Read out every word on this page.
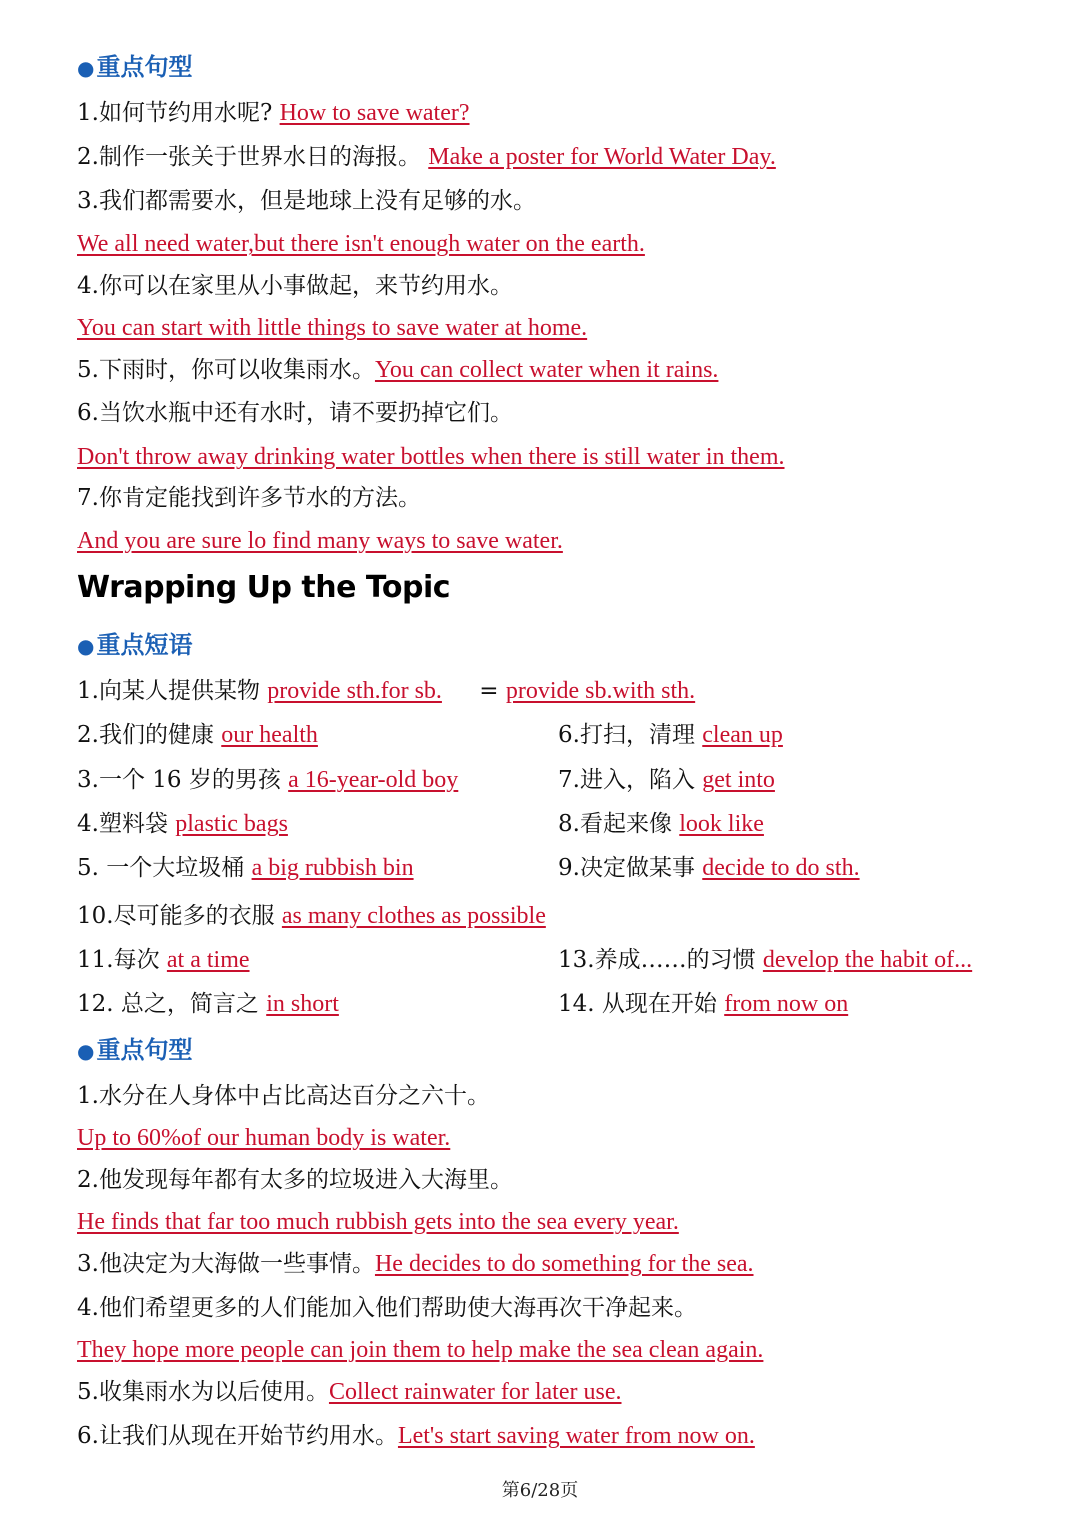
●重点句型
1.如何节约用水呢? How to save water?
2.制作一张关于世界水日的海报。 Make a poster for World Water Day.
3.我们都需要水，但是地球上没有足够的水。
We all need water,but there isn't enough water on the earth.
4.你可以在家里从小事做起，来节约用水。
You can start with little things to save water at home.
5.下雨时，你可以收集雨水。You can collect water when it rains.
6.当饮水瓶中还有水时，请不要扔掉它们。
Don't throw away drinking water bottles when there is still water in them.
7.你肯定能找到许多节水的方法。
And you are sure lo find many ways to save water.
Wrapping Up the Topic
●重点短语
1.向某人提供某物 provide sth.for sb. = provide sb.with sth.
2.我们的健康 our health	6.打扫，清理 clean up
3.一个 16 岁的男孩 a 16-year-old boy	7.进入，陷入 get into
4.塑料袋 plastic bags	8.看起来像 look like
5. 一个大垃圾桶 a big rubbish bin	9.决定做某事 decide to do sth.
10.尽可能多的衣服 as many clothes as possible
11.每次 at a time	13.养成……的习惯 develop the habit of...
12. 总之，简言之 in short	14. 从现在开始 from now on
●重点句型
1.水分在人身体中占比高达百分之六十。
Up to 60%of our human body is water.
2.他发现每年都有太多的垃圾进入大海里。
He finds that far too much rubbish gets into the sea every year.
3.他决定为大海做一些事情。He decides to do something for the sea.
4.他们希望更多的人们能加入他们帮助使大海再次干净起来。
They hope more people can join them to help make the sea clean again.
5.收集雨水为以后使用。Collect rainwater for later use.
6.让我们从现在开始节约用水。Let's start saving water from now on.
第6/28页
